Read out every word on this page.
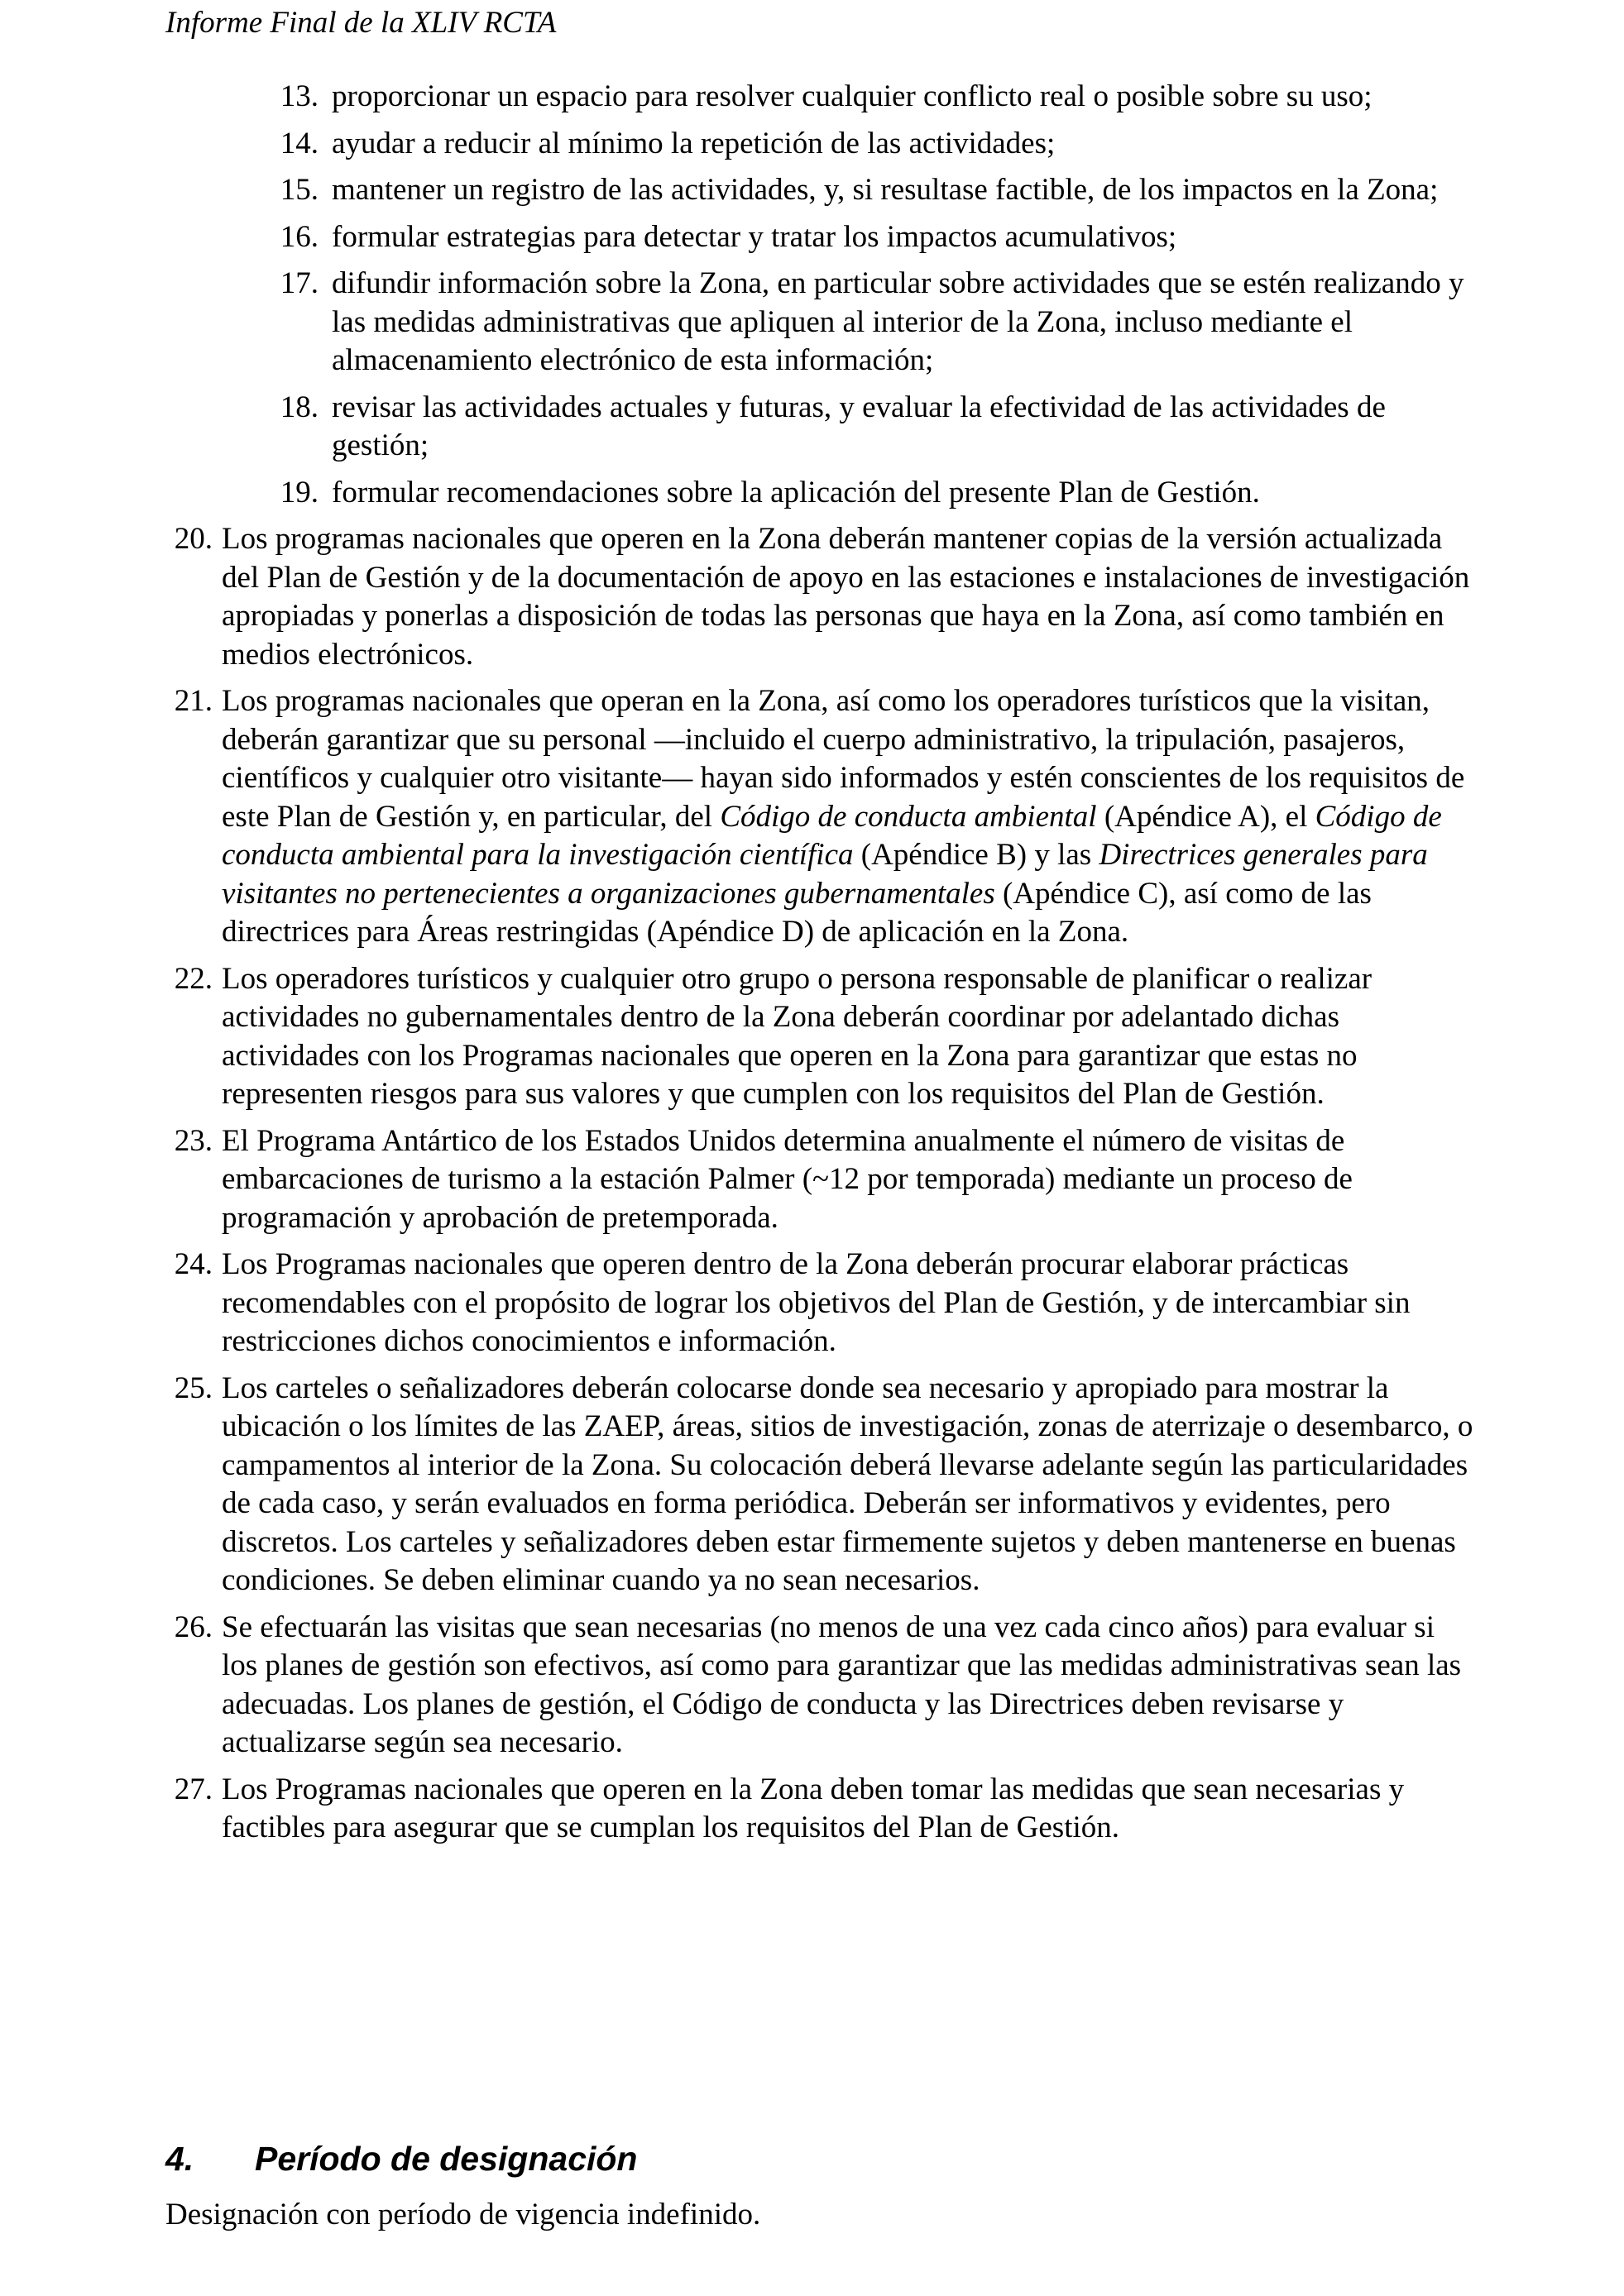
Informe Final de la XLIV RCTA
13. proporcionar un espacio para resolver cualquier conflicto real o posible sobre su uso;
14. ayudar a reducir al mínimo la repetición de las actividades;
15. mantener un registro de las actividades, y, si resultase factible, de los impactos en la Zona;
16. formular estrategias para detectar y tratar los impactos acumulativos;
17. difundir información sobre la Zona, en particular sobre actividades que se estén realizando y las medidas administrativas que apliquen al interior de la Zona, incluso mediante el almacenamiento electrónico de esta información;
18. revisar las actividades actuales y futuras, y evaluar la efectividad de las actividades de gestión;
19. formular recomendaciones sobre la aplicación del presente Plan de Gestión.
20. Los programas nacionales que operen en la Zona deberán mantener copias de la versión actualizada del Plan de Gestión y de la documentación de apoyo en las estaciones e instalaciones de investigación apropiadas y ponerlas a disposición de todas las personas que haya en la Zona, así como también en medios electrónicos.
21. Los programas nacionales que operan en la Zona, así como los operadores turísticos que la visitan, deberán garantizar que su personal —incluido el cuerpo administrativo, la tripulación, pasajeros, científicos y cualquier otro visitante— hayan sido informados y estén conscientes de los requisitos de este Plan de Gestión y, en particular, del Código de conducta ambiental (Apéndice A), el Código de conducta ambiental para la investigación científica (Apéndice B) y las Directrices generales para visitantes no pertenecientes a organizaciones gubernamentales (Apéndice C), así como de las directrices para Áreas restringidas (Apéndice D) de aplicación en la Zona.
22. Los operadores turísticos y cualquier otro grupo o persona responsable de planificar o realizar actividades no gubernamentales dentro de la Zona deberán coordinar por adelantado dichas actividades con los Programas nacionales que operen en la Zona para garantizar que estas no representen riesgos para sus valores y que cumplen con los requisitos del Plan de Gestión.
23. El Programa Antártico de los Estados Unidos determina anualmente el número de visitas de embarcaciones de turismo a la estación Palmer (~12 por temporada) mediante un proceso de programación y aprobación de pretemporada.
24. Los Programas nacionales que operen dentro de la Zona deberán procurar elaborar prácticas recomendables con el propósito de lograr los objetivos del Plan de Gestión, y de intercambiar sin restricciones dichos conocimientos e información.
25. Los carteles o señalizadores deberán colocarse donde sea necesario y apropiado para mostrar la ubicación o los límites de las ZAEP, áreas, sitios de investigación, zonas de aterrizaje o desembarco, o campamentos al interior de la Zona. Su colocación deberá llevarse adelante según las particularidades de cada caso, y serán evaluados en forma periódica. Deberán ser informativos y evidentes, pero discretos. Los carteles y señalizadores deben estar firmemente sujetos y deben mantenerse en buenas condiciones. Se deben eliminar cuando ya no sean necesarios.
26. Se efectuarán las visitas que sean necesarias (no menos de una vez cada cinco años) para evaluar si los planes de gestión son efectivos, así como para garantizar que las medidas administrativas sean las adecuadas. Los planes de gestión, el Código de conducta y las Directrices deben revisarse y actualizarse según sea necesario.
27. Los Programas nacionales que operen en la Zona deben tomar las medidas que sean necesarias y factibles para asegurar que se cumplan los requisitos del Plan de Gestión.
4. Período de designación
Designación con período de vigencia indefinido.
